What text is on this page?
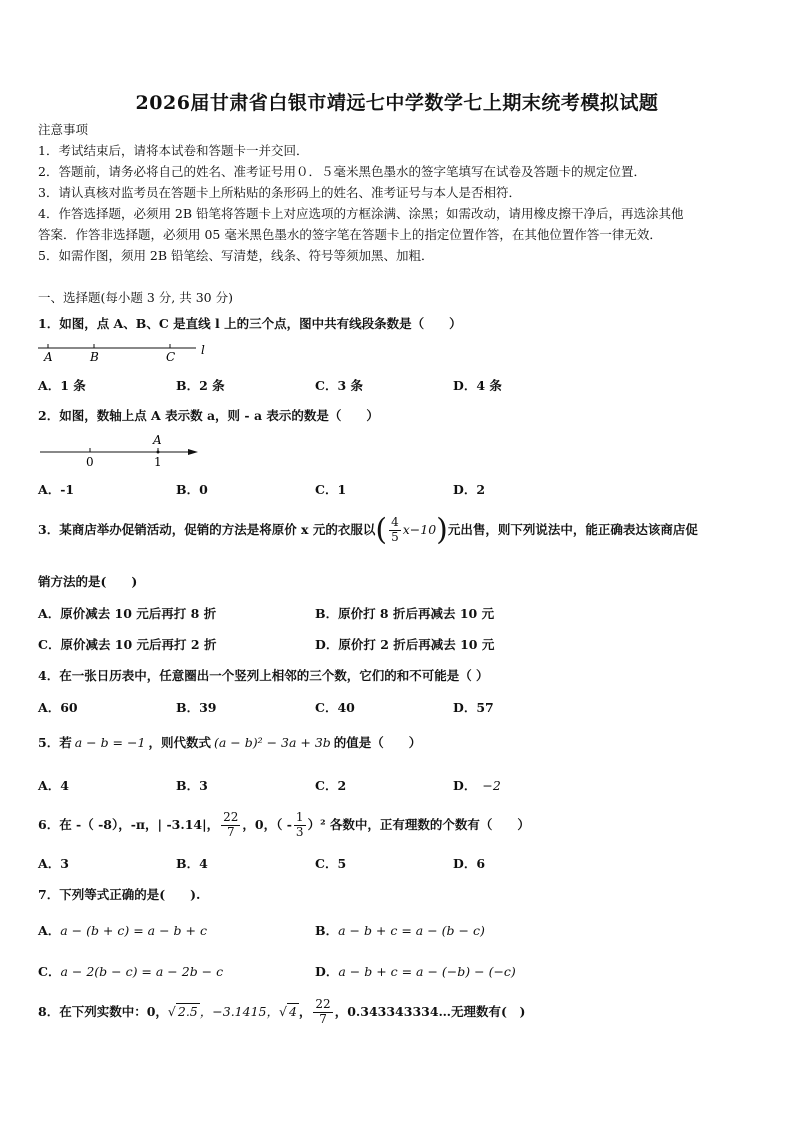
2026届甘肃省白银市靖远七中学数学七上期末统考模拟试题
注意事项
1．考试结束后，请将本试卷和答题卡一并交回．
2．答题前，请务必将自己的姓名、准考证号用０．５毫米黑色墨水的签字笔填写在试卷及答题卡的规定位置．
3．请认真核对监考员在答题卡上所粘贴的条形码上的姓名、准考证号与本人是否相符．
4．作答选择题，必须用 2B 铅笔将答题卡上对应选项的方框涂满、涂黑；如需改动，请用橡皮擦干净后，再选涂其他
答案．作答非选择题，必须用 05 毫米黑色墨水的签字笔在答题卡上的指定位置作答，在其他位置作答一律无效．
5．如需作图，须用 2B 铅笔绘、写清楚，线条、符号等须加黑、加粗．
一、选择题(每小题 3 分, 共 30 分)
1．如图，点 A、B、C 是直线 l 上的三个点，图中共有线段条数是（　　）
A	B	C l
A．1 条	B．2 条	C．3 条	D．4 条
2．如图，数轴上点 A 表示数 a，则 - a 表示的数是（　　）
A
0	1
A．-1	B．0	C．1	D．2
3．某商店举办促销活动，促销的方法是将原价 x 元的衣服以( $\frac{4}{5} x-10$)元出售，则下列说法中，能正确表达该商店促
销方法的是(　　)
A．原价减去 10 元后再打 8 折	B．原价打 8 折后再减去 10 元
C．原价减去 10 元后再打 2 折	D．原价打 2 折后再减去 10 元
4．在一张日历表中，任意圈出一个竖列上相邻的三个数，它们的和不可能是（ ）
A．60	B．39	C．40	D．57
5．若 a − b = −1 ，则代数式 (a − b)² − 3a + 3b 的值是（　　）
A．4	B．3	C．2	D． −2
6．在 -（ -8），-π，| -3.14|， $\frac{22}{7}$ ，0，（ - $\frac{1}{3} )^2$ 各数中，正有理数的个数有（　　）
A．3	B．4	C．5	D．6
7．下列等式正确的是(　　).
A．a − (b + c) = a − b + c	B．a − b + c = a − (b − c)
C．a − 2(b − c) = a − 2b − c	D．a − b + c = a − (−b) − (−c)
8．在下列实数中：0，√ 2.5 ，−3.1415，√ 4 ， $\frac{22}{7}$ ，0.343343334…无理数有(　)
